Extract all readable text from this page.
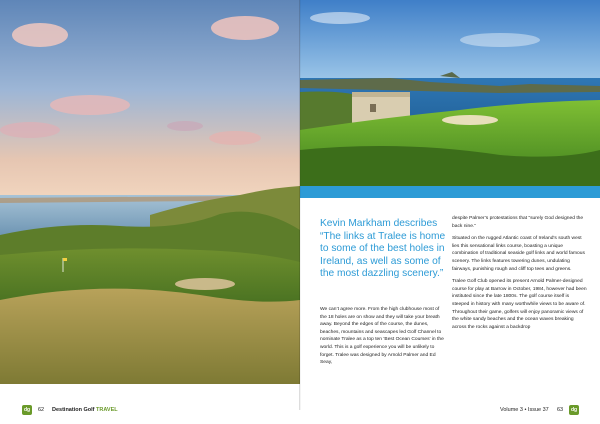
dg	62 Destination Golf TRAVEL
Kevin Markham describes “The links at Tralee is home to some of the best holes in Ireland, as well as some of the most dazzling scenery.”
We can’t agree more. From the high clubhouse most of the 18 holes are on show and they will take your breath away. Beyond the edges of the course, the dunes, beaches, mountains and seascapes led Golf Channel to nominate Tralee as a top ten ‘Best Ocean Courses’ in the world. This is a golf experience you will be unlikely to forget. Tralee was designed by Arnold Palmer and Ed Seay,

despite Palmer’s protestations that “surely God designed the back nine.”

Situated on the rugged Atlantic coast of Ireland’s south west lies this sensational links course, boasting a unique combination of traditional seaside golf links and world famous scenery. The links features towering dunes, undulating fairways, punishing rough and cliff top tees and greens.

Tralee Golf Club opened its present Arnold Palmer-designed course for play at Barrow in October, 1984, however had been instituted since the late 1800s. The golf course itself is steeped in history with many worthwhile views to be aware of. Throughout their game, golfers will enjoy panoramic views of the white sandy beaches and the ocean waves breaking across the rocks against a backdrop

Volume 3 • Issue 37 63	dg
